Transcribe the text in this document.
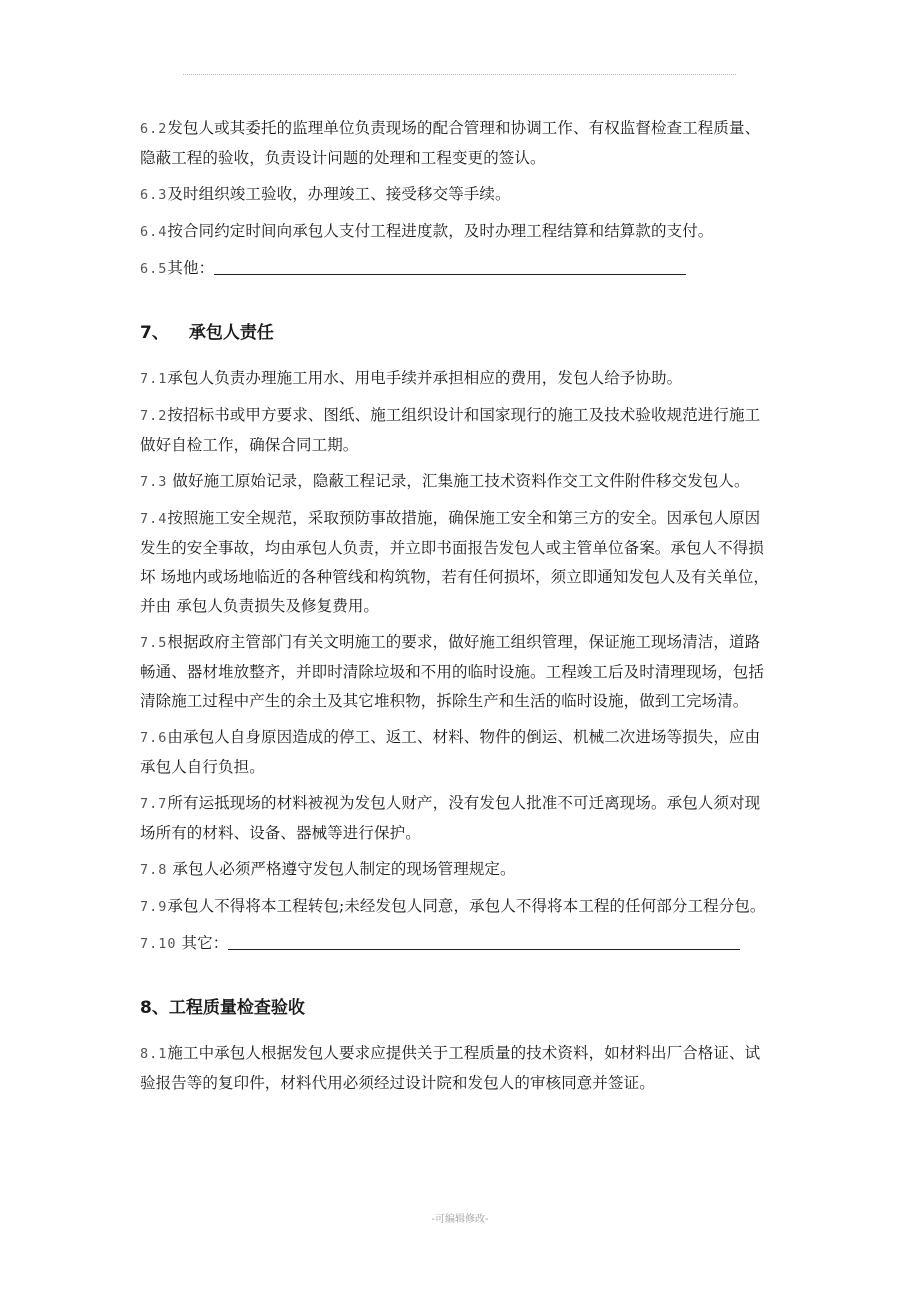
6.2发包人或其委托的监理单位负责现场的配合管理和协调工作、有权监督检查工程质量、
隐蔽工程的验收，负责设计问题的处理和工程变更的签认。

6.3及时组织竣工验收，办理竣工、接受移交等手续。

6.4按合同约定时间向承包人支付工程进度款，及时办理工程结算和结算款的支付。

6.5其他：

7、 承包人责任

7.1承包人负责办理施工用水、用电手续并承担相应的费用，发包人给予协助。

7.2按招标书或甲方要求、图纸、施工组织设计和国家现行的施工及技术验收规范进行施工
做好自检工作，确保合同工期。

7.3 做好施工原始记录，隐蔽工程记录，汇集施工技术资料作交工文件附件移交发包人。

7.4按照施工安全规范，采取预防事故措施，确保施工安全和第三方的安全。因承包人原因
发生的安全事故，均由承包人负责，并立即书面报告发包人或主管单位备案。承包人不得损
坏 场地内或场地临近的各种管线和构筑物，若有任何损坏，须立即通知发包人及有关单位，
并由 承包人负责损失及修复费用。

7.5根据政府主管部门有关文明施工的要求，做好施工组织管理，保证施工现场清洁，道路
畅通、器材堆放整齐，并即时清除垃圾和不用的临时设施。工程竣工后及时清理现场，包括
清除施工过程中产生的余土及其它堆积物，拆除生产和生活的临时设施，做到工完场清。

7.6由承包人自身原因造成的停工、返工、材料、物件的倒运、机械二次进场等损失，应由
承包人自行负担。

7.7所有运抵现场的材料被视为发包人财产，没有发包人批准不可迁离现场。承包人须对现
场所有的材料、设备、器械等进行保护。

7.8 承包人必须严格遵守发包人制定的现场管理规定。

7.9承包人不得将本工程转包;未经发包人同意，承包人不得将本工程的任何部分工程分包。

7.10 其它：

8、工程质量检查验收

8.1施工中承包人根据发包人要求应提供关于工程质量的技术资料，如材料出厂合格证、试
验报告等的复印件，材料代用必须经过设计院和发包人的审核同意并签证。

-可编辑修改-
